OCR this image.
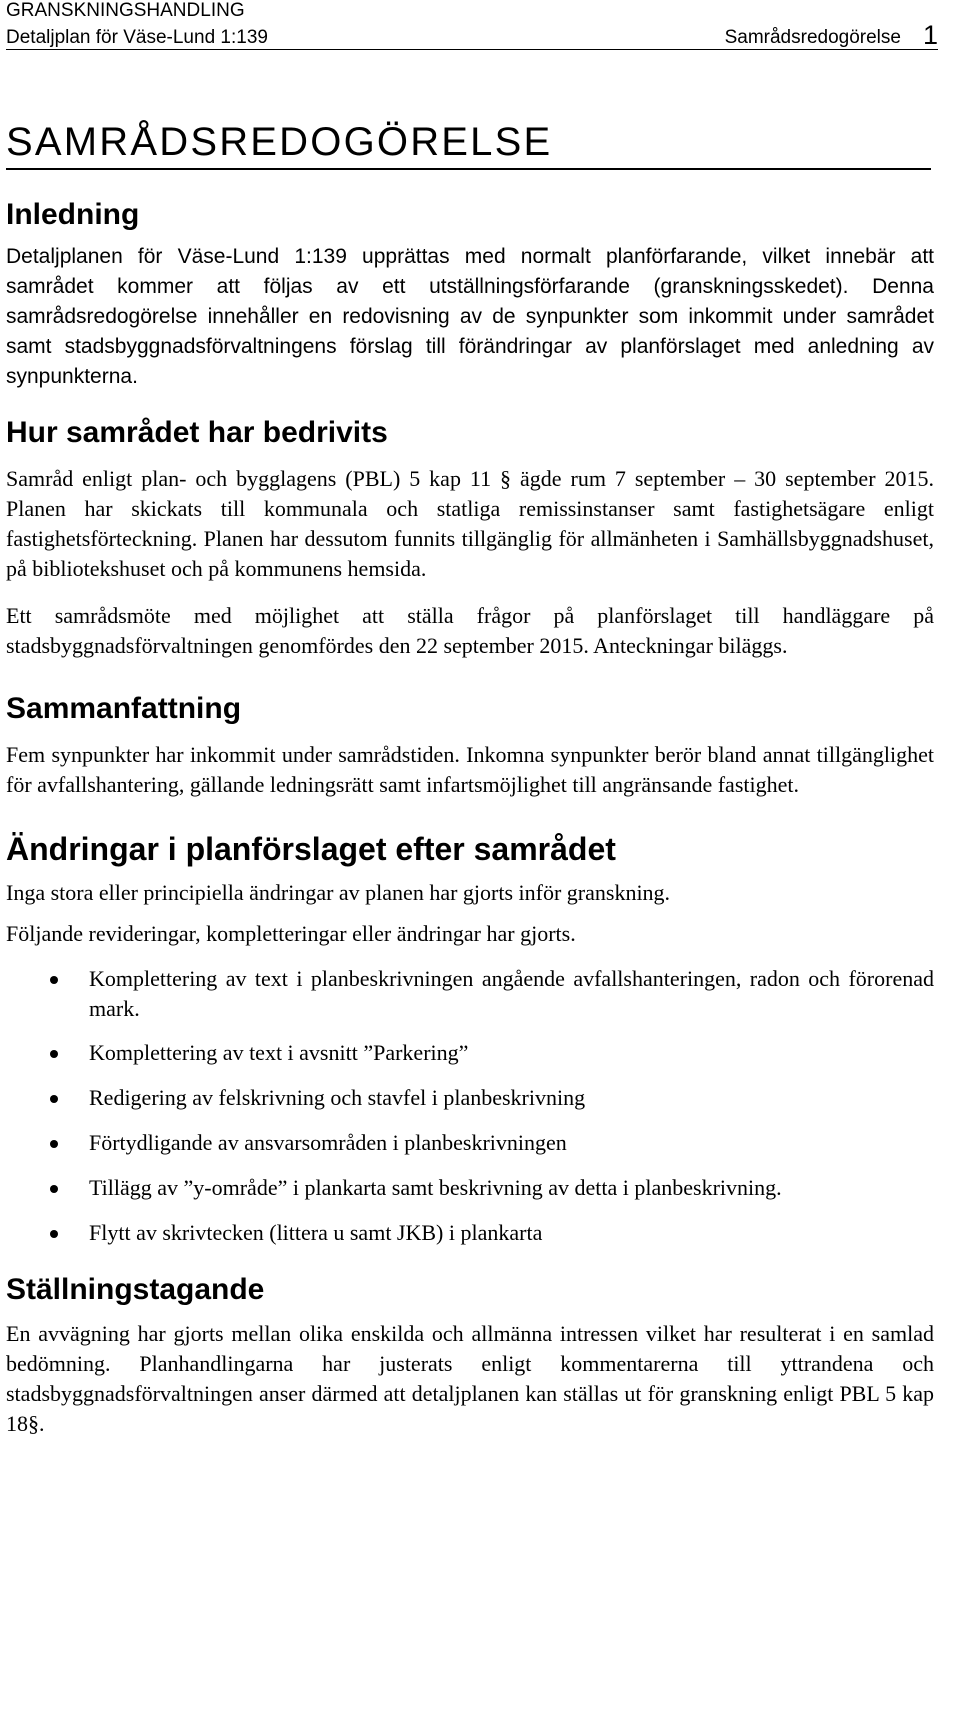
GRANSKNINGSHANDLING
Detaljplan för Väse-Lund 1:139	Samrådsredogörelse 1
SAMRÅDSREDOGÖRELSE
Inledning

Detaljplanen för Väse-Lund 1:139 upprättas med normalt planförfarande, vilket innebär att samrådet kommer att följas av ett utställningsförfarande (granskningsskedet). Denna samrådsredogörelse innehåller en redovisning av de synpunkter som inkommit under samrådet samt stadsbyggnadsförvaltningens förslag till förändringar av planförslaget med anledning av synpunkterna.

Hur samrådet har bedrivits

Samråd enligt plan- och bygglagens (PBL) 5 kap 11 § ägde rum 7 september – 30 september 2015. Planen har skickats till kommunala och statliga remissinstanser samt fastighetsägare enligt fastighetsförteckning. Planen har dessutom funnits tillgänglig för allmänheten i Samhällsbyggnadshuset, på bibliotekshuset och på kommunens hemsida.

Ett samrådsmöte med möjlighet att ställa frågor på planförslaget till handläggare på stadsbyggnadsförvaltningen genomfördes den 22 september 2015. Anteckningar biläggs.

Sammanfattning

Fem synpunkter har inkommit under samrådstiden. Inkomna synpunkter berör bland annat tillgänglighet för avfallshantering, gällande ledningsrätt samt infartsmöjlighet till angränsande fastighet.

Ändringar i planförslaget efter samrådet

Inga stora eller principiella ändringar av planen har gjorts inför granskning.

Följande revideringar, kompletteringar eller ändringar har gjorts.

Komplettering av text i planbeskrivningen angående avfallshanteringen, radon och förorenad mark.
Komplettering av text i avsnitt ”Parkering”
Redigering av felskrivning och stavfel i planbeskrivning
Förtydligande av ansvarsområden i planbeskrivningen
Tillägg av ”y-område” i plankarta samt beskrivning av detta i planbeskrivning.
Flytt av skrivtecken (littera u samt JKB) i plankarta
Ställningstagande

En avvägning har gjorts mellan olika enskilda och allmänna intressen vilket har resulterat i en samlad bedömning. Planhandlingarna har justerats enligt kommentarerna till yttrandena och stadsbyggnadsförvaltningen anser därmed att detaljplanen kan ställas ut för granskning enligt PBL 5 kap 18§.
